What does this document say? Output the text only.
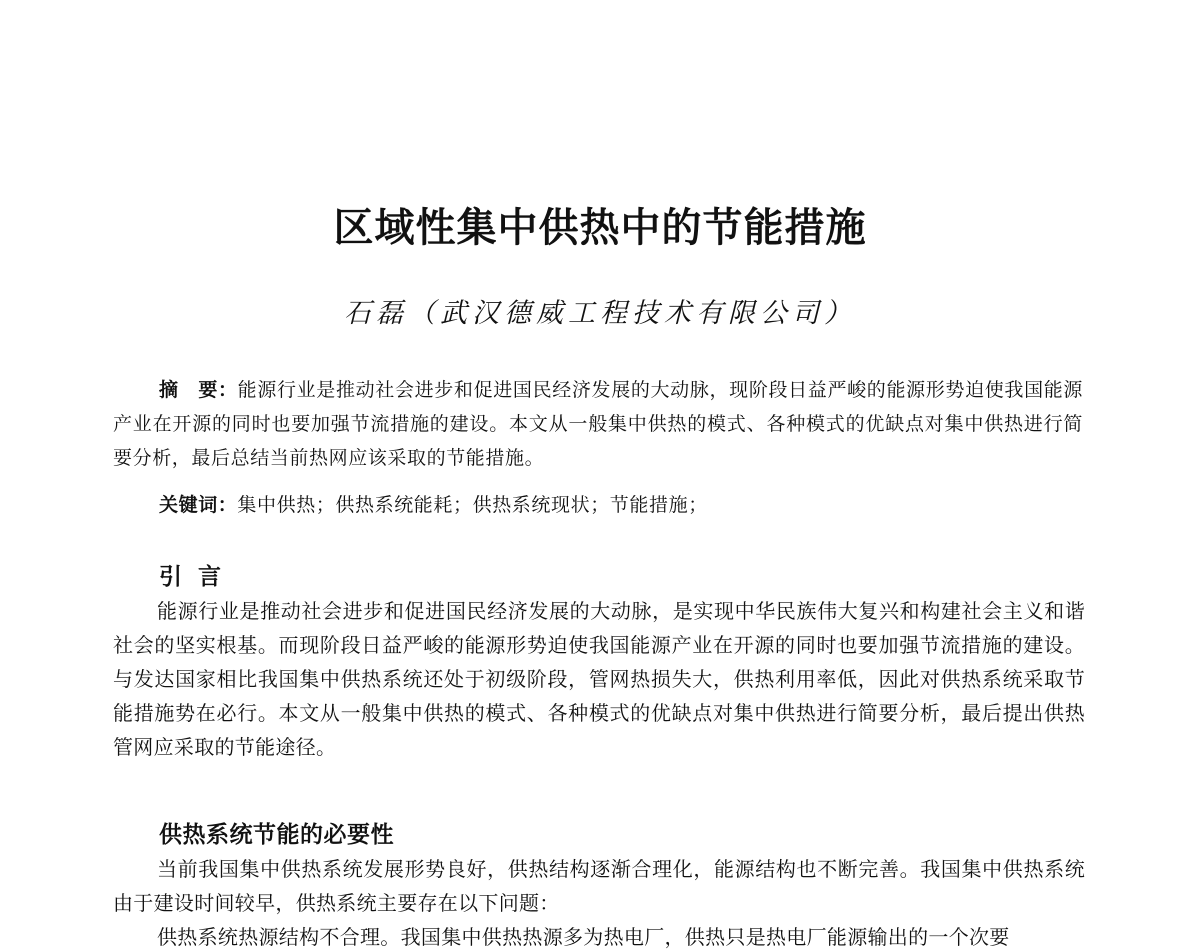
区域性集中供热中的节能措施

石磊（武汉德威工程技术有限公司）

摘　要：能源行业是推动社会进步和促进国民经济发展的大动脉，现阶段日益严峻的能源形势迫使我国能源产业在开源的同时也要加强节流措施的建设。本文从一般集中供热的模式、各种模式的优缺点对集中供热进行简要分析，最后总结当前热网应该采取的节能措施。

关键词：集中供热；供热系统能耗；供热系统现状；节能措施；

引言

能源行业是推动社会进步和促进国民经济发展的大动脉，是实现中华民族伟大复兴和构建社会主义和谐社会的坚实根基。而现阶段日益严峻的能源形势迫使我国能源产业在开源的同时也要加强节流措施的建设。与发达国家相比我国集中供热系统还处于初级阶段，管网热损失大，供热利用率低，因此对供热系统采取节能措施势在必行。本文从一般集中供热的模式、各种模式的优缺点对集中供热进行简要分析，最后提出供热管网应采取的节能途径。

供热系统节能的必要性

当前我国集中供热系统发展形势良好，供热结构逐渐合理化，能源结构也不断完善。我国集中供热系统由于建设时间较早，供热系统主要存在以下问题：

供热系统热源结构不合理。我国集中供热热源多为热电厂，供热只是热电厂能源输出的一个次要
